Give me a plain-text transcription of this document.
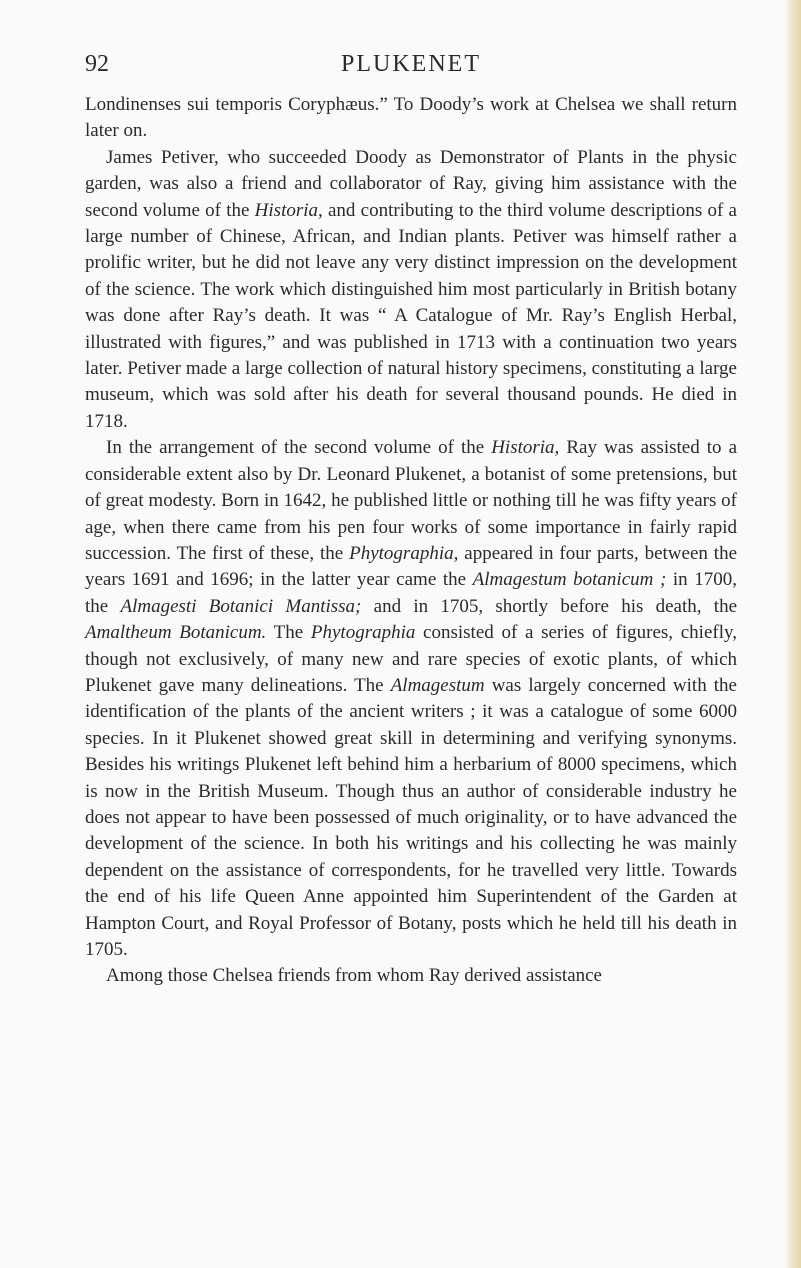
92	PLUKENET

Londinenses sui temporis Coryphæus.” To Doody’s work at Chelsea we shall return later on.

James Petiver, who succeeded Doody as Demonstrator of Plants in the physic garden, was also a friend and collaborator of Ray, giving him assistance with the second volume of the Historia, and contributing to the third volume descriptions of a large number of Chinese, African, and Indian plants. Petiver was himself rather a prolific writer, but he did not leave any very distinct impression on the development of the science. The work which distinguished him most particularly in British botany was done after Ray’s death. It was “ A Catalogue of Mr. Ray’s English Herbal, illustrated with figures,” and was published in 1713 with a continuation two years later. Petiver made a large collection of natural history specimens, constituting a large museum, which was sold after his death for several thousand pounds. He died in 1718.

In the arrangement of the second volume of the Historia, Ray was assisted to a considerable extent also by Dr. Leonard Plukenet, a botanist of some pretensions, but of great modesty. Born in 1642, he published little or nothing till he was fifty years of age, when there came from his pen four works of some importance in fairly rapid succession. The first of these, the Phytographia, appeared in four parts, between the years 1691 and 1696; in the latter year came the Almagestum botanicum ; in 1700, the Almagesti Botanici Mantissa; and in 1705, shortly before his death, the Amaltheum Botanicum. The Phytographia consisted of a series of figures, chiefly, though not exclusively, of many new and rare species of exotic plants, of which Plukenet gave many delineations. The Almagestum was largely concerned with the identification of the plants of the ancient writers ; it was a catalogue of some 6000 species. In it Plukenet showed great skill in determining and verifying synonyms. Besides his writings Plukenet left behind him a herbarium of 8000 specimens, which is now in the British Museum. Though thus an author of considerable industry he does not appear to have been possessed of much originality, or to have advanced the development of the science. In both his writings and his collecting he was mainly dependent on the assistance of correspondents, for he travelled very little. Towards the end of his life Queen Anne appointed him Superintendent of the Garden at Hampton Court, and Royal Professor of Botany, posts which he held till his death in 1705.

Among those Chelsea friends from whom Ray derived assistance
